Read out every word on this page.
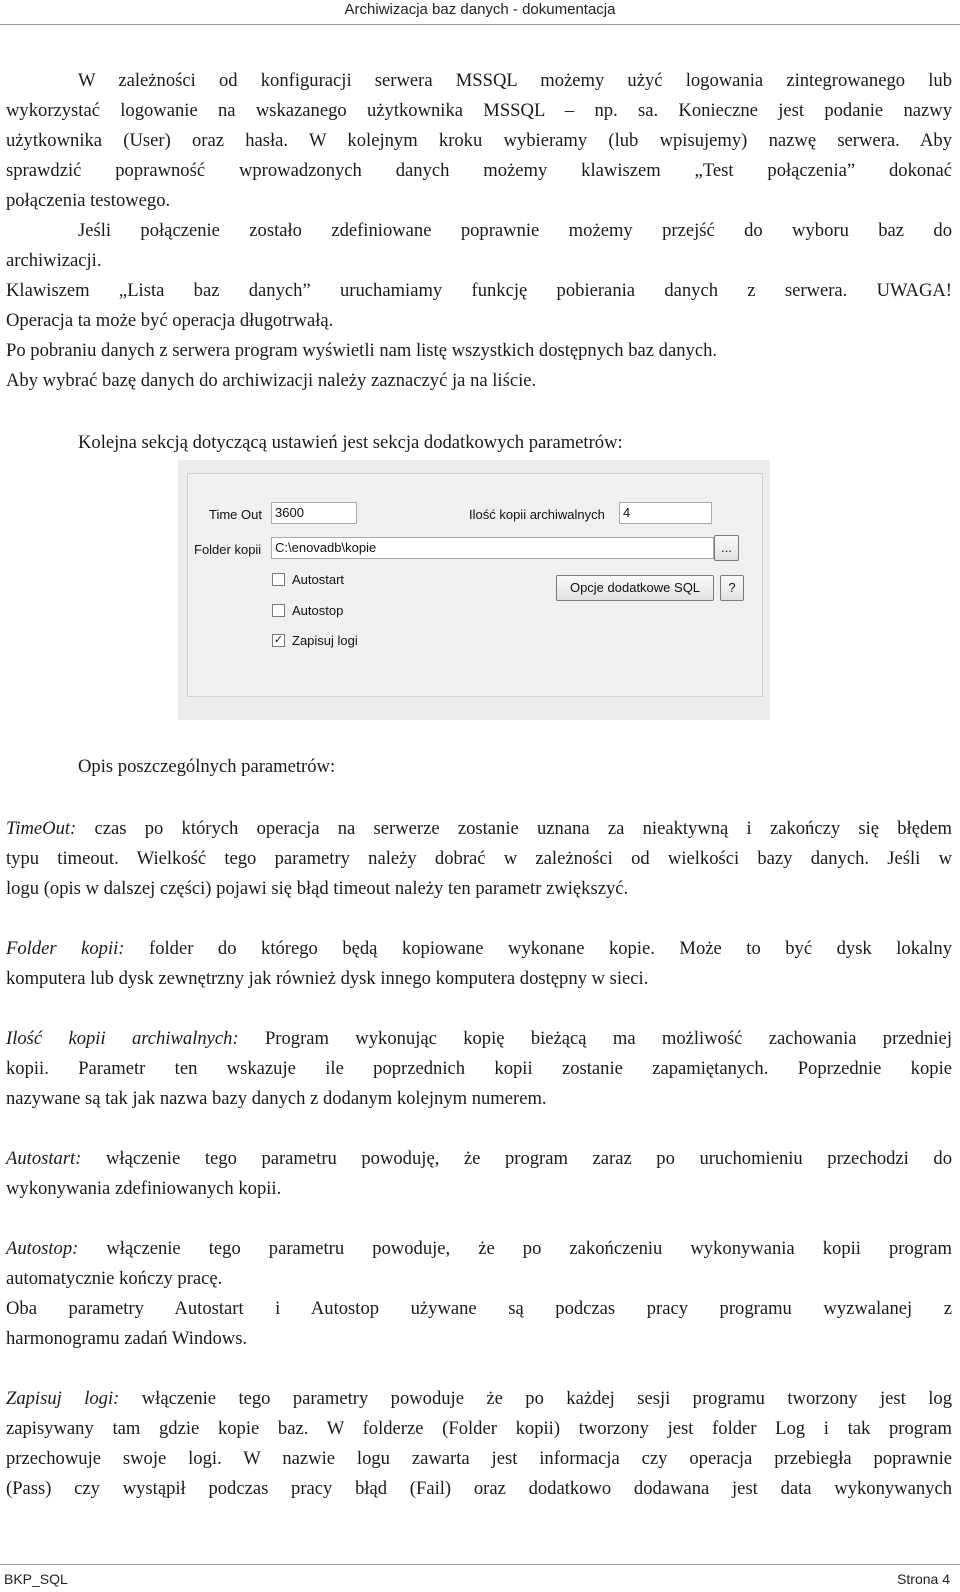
Archiwizacja baz danych - dokumentacja
W zależności od konfiguracji serwera MSSQL możemy użyć logowania zintegrowanego lub
wykorzystać logowanie na wskazanego użytkownika MSSQL – np. sa. Konieczne jest podanie nazwy
użytkownika (User) oraz hasła. W kolejnym kroku wybieramy (lub wpisujemy) nazwę serwera. Aby
sprawdzić poprawność wprowadzonych danych możemy klawiszem „Test połączenia” dokonać
połączenia testowego.
Jeśli połączenie zostało zdefiniowane poprawnie możemy przejść do wyboru baz do
archiwizacji.
Klawiszem „Lista baz danych” uruchamiamy funkcję pobierania danych z serwera. UWAGA!
Operacja ta może być operacja długotrwałą.
Po pobraniu danych z serwera program wyświetli nam listę wszystkich dostępnych baz danych.
Aby wybrać bazę danych do archiwizacji należy zaznaczyć ja na liście.
Kolejna sekcją dotyczącą ustawień jest sekcja dodatkowych parametrów:
Time Out	3600	Ilość kopii archiwalnych	4
Folder kopii	C:\enovadb\kopie	...
Autostart
Autostop
✓ Zapisuj logi
Opcje dodatkowe SQL	?
Opis poszczególnych parametrów:
TimeOut: czas po których operacja na serwerze zostanie uznana za nieaktywną i zakończy się błędem
typu timeout. Wielkość tego parametry należy dobrać w zależności od wielkości bazy danych. Jeśli w
logu (opis w dalszej części) pojawi się błąd timeout należy ten parametr zwiększyć.
Folder kopii: folder do którego będą kopiowane wykonane kopie. Może to być dysk lokalny
komputera lub dysk zewnętrzny jak również dysk innego komputera dostępny w sieci.
Ilość kopii archiwalnych: Program wykonując kopię bieżącą ma możliwość zachowania przedniej
kopii. Parametr ten wskazuje ile poprzednich kopii zostanie zapamiętanych. Poprzednie kopie
nazywane są tak jak nazwa bazy danych z dodanym kolejnym numerem.
Autostart: włączenie tego parametru powoduję, że program zaraz po uruchomieniu przechodzi do
wykonywania zdefiniowanych kopii.
Autostop: włączenie tego parametru powoduje, że po zakończeniu wykonywania kopii program
automatycznie kończy pracę.
Oba parametry Autostart i Autostop używane są podczas pracy programu wyzwalanej z
harmonogramu zadań Windows.
Zapisuj logi: włączenie tego parametry powoduje że po każdej sesji programu tworzony jest log
zapisywany tam gdzie kopie baz. W folderze (Folder kopii) tworzony jest folder Log i tak program
przechowuje swoje logi. W nazwie logu zawarta jest informacja czy operacja przebiegła poprawnie
(Pass) czy wystąpił podczas pracy błąd (Fail) oraz dodatkowo dodawana jest data wykonywanych
BKP_SQL	Strona 4
